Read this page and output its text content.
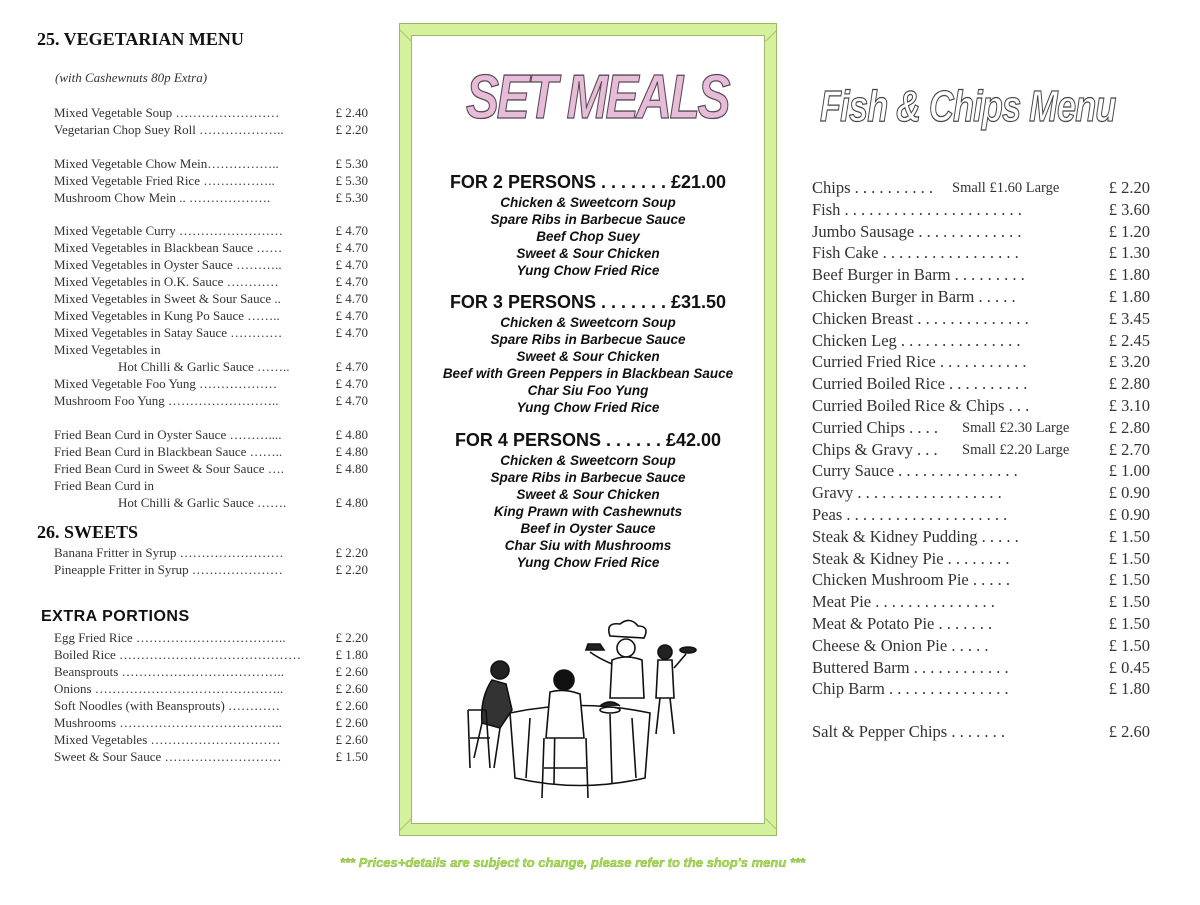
25. VEGETARIAN MENU
(with Cashewnuts 80p Extra)
Mixed Vegetable Soup ……………………	£ 2.40
Vegetarian Chop Suey Roll ………………..	£ 2.20
Mixed Vegetable Chow Mein……………..	£ 5.30
Mixed Vegetable Fried Rice ……………..	£ 5.30
Mushroom Chow Mein .. ……………….	£ 5.30
Mixed Vegetable Curry ……………………	£ 4.70
Mixed Vegetables in Blackbean Sauce ……	£ 4.70
Mixed Vegetables in Oyster Sauce ………..	£ 4.70
Mixed Vegetables in O.K. Sauce …………	£ 4.70
Mixed Vegetables in Sweet & Sour Sauce ..	£ 4.70
Mixed Vegetables in Kung Po Sauce ……..	£ 4.70
Mixed Vegetables in Satay Sauce …………	£ 4.70
Mixed Vegetables in
Hot Chilli & Garlic Sauce ……..	£ 4.70
Mixed Vegetable Foo Yung ………………	£ 4.70
Mushroom Foo Yung ……………………..	£ 4.70
Fried Bean Curd in Oyster Sauce ………....	£ 4.80
Fried Bean Curd in Blackbean Sauce ……..	£ 4.80
Fried Bean Curd in Sweet & Sour Sauce ….	£ 4.80
Fried Bean Curd in
Hot Chilli & Garlic Sauce …….	£ 4.80
26. SWEETS
Banana Fritter in Syrup ……………………	£ 2.20
Pineapple Fritter in Syrup …………………	£ 2.20
EXTRA PORTIONS
Egg Fried Rice ……………………………..	£ 2.20
Boiled Rice ……………………………………	£ 1.80
Beansprouts ………………………………..	£ 2.60
Onions ……………………………………..	£ 2.60
Soft Noodles (with Beansprouts) …………	£ 2.60
Mushrooms ………………………………..	£ 2.60
Mixed Vegetables …………………………	£ 2.60
Sweet & Sour Sauce ………………………	£ 1.50
SET MEALS
FOR 2 PERSONS . . . . . . . £21.00
Chicken & Sweetcorn Soup
Spare Ribs in Barbecue Sauce
Beef Chop Suey
Sweet & Sour Chicken
Yung Chow Fried Rice
FOR 3 PERSONS . . . . . . . £31.50
Chicken & Sweetcorn Soup
Spare Ribs in Barbecue Sauce
Sweet & Sour Chicken
Beef with Green Peppers in Blackbean Sauce
Char Siu Foo Yung
Yung Chow Fried Rice
FOR 4 PERSONS . . . . . . £42.00
Chicken & Sweetcorn Soup
Spare Ribs in Barbecue Sauce
Sweet & Sour Chicken
King Prawn with Cashewnuts
Beef in Oyster Sauce
Char Siu with Mushrooms
Yung Chow Fried Rice
Fish & Chips Menu
Chips . . . . . . . . . . Small £1.60 Large	£ 2.20
Fish . . . . . . . . . . . . . . . . . . . . . .	£ 3.60
Jumbo Sausage . . . . . . . . . . . . .	£ 1.20
Fish Cake . . . . . . . . . . . . . . . . .	£ 1.30
Beef Burger in Barm . . . . . . . . .	£ 1.80
Chicken Burger in Barm . . . . .	£ 1.80
Chicken Breast . . . . . . . . . . . . . .	£ 3.45
Chicken Leg . . . . . . . . . . . . . . .	£ 2.45
Curried Fried Rice . . . . . . . . . . .	£ 3.20
Curried Boiled Rice . . . . . . . . . .	£ 2.80
Curried Boiled Rice & Chips . . .	£ 3.10
Curried Chips . . . . Small £2.30 Large £ 2.80
Chips & Gravy . . . Small £2.20 Large £ 2.70
Curry Sauce . . . . . . . . . . . . . . .	£ 1.00
Gravy . . . . . . . . . . . . . . . . . .	£ 0.90
Peas . . . . . . . . . . . . . . . . . . . .	£ 0.90
Steak & Kidney Pudding . . . . .	£ 1.50
Steak & Kidney Pie . . . . . . . .	£ 1.50
Chicken Mushroom Pie . . . . .	£ 1.50
Meat Pie . . . . . . . . . . . . . . .	£ 1.50
Meat & Potato Pie . . . . . . .	£ 1.50
Cheese & Onion Pie . . . . .	£ 1.50
Buttered Barm . . . . . . . . . . . .	£ 0.45
Chip Barm . . . . . . . . . . . . . . .	£ 1.80
Salt & Pepper Chips . . . . . . .	£ 2.60
*** Prices+details are subject to change, please refer to the shop's menu ***
